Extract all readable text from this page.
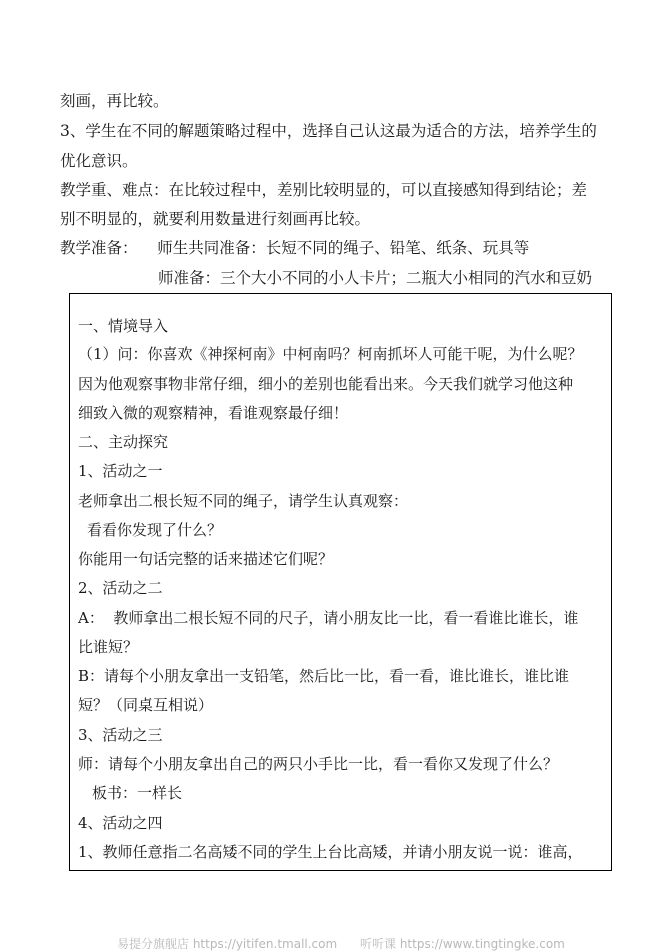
刻画，再比较。
3、学生在不同的解题策略过程中，选择自己认这最为适合的方法，培养学生的
优化意识。
教学重、难点：在比较过程中，差别比较明显的，可以直接感知得到结论；差
别不明显的，就要利用数量进行刻画再比较。
教学准备：    师生共同准备：长短不同的绳子、铅笔、纸条、玩具等
师准备：三个大小不同的小人卡片；二瓶大小相同的汽水和豆奶
一、情境导入
（1）问：你喜欢《神探柯南》中柯南吗？柯南抓坏人可能干呢，为什么呢？
因为他观察事物非常仔细，细小的差别也能看出来。今天我们就学习他这种
细致入微的观察精神，看谁观察最仔细！
二、主动探究
1、活动之一
老师拿出二根长短不同的绳子，请学生认真观察：
看看你发现了什么？
你能用一句话完整的话来描述它们呢？
2、活动之二
A：  教师拿出二根长短不同的尺子，请小朋友比一比，看一看谁比谁长，谁
比谁短？
B：请每个小朋友拿出一支铅笔，然后比一比，看一看，谁比谁长，谁比谁
短？（同桌互相说）
3、活动之三
师：请每个小朋友拿出自己的两只小手比一比，看一看你又发现了什么？
板书：一样长
4、活动之四
1、教师任意指二名高矮不同的学生上台比高矮，并请小朋友说一说：谁高，
易提分旗舰店 https://yitifen.tmall.com 听听课 https://www.tingtingke.com
